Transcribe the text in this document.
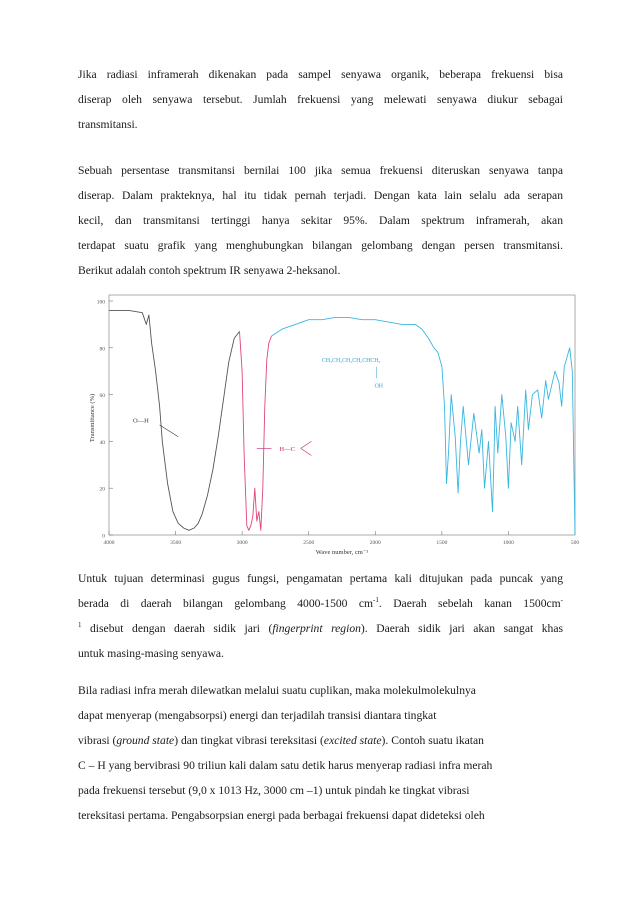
Jika radiasi inframerah dikenakan pada sampel senyawa organik, beberapa frekuensi bisa
diserap oleh senyawa tersebut. Jumlah frekuensi yang melewati senyawa diukur sebagai
transmitansi.
Sebuah persentase transmitansi bernilai 100 jika semua frekuensi diteruskan senyawa tanpa
diserap. Dalam prakteknya, hal itu tidak pernah terjadi. Dengan kata lain selalu ada serapan
kecil, dan transmitansi tertinggi hanya sekitar 95%. Dalam spektrum inframerah, akan
terdapat suatu grafik yang menghubungkan bilangan gelombang dengan persen transmitansi.
Berikut adalah contoh spektrum IR senyawa 2-heksanol.
0
20
40
60
80
100
4000	3500	3000	2500	2000	1500	1000	500
Wave number, cm⁻¹
Transmittance (%)	O—H
H—C
CH₃CH₂CH₂CH₂CHCH₃
OH
Untuk tujuan determinasi gugus fungsi, pengamatan pertama kali ditujukan pada puncak yang
berada di daerah bilangan gelombang 4000-1500 $cm^{-1}$. Daerah sebelah kanan 1500cm-
$^1$ disebut dengan daerah sidik jari (fingerprint region). Daerah sidik jari akan sangat khas
untuk masing-masing senyawa.
Bila radiasi infra merah dilewatkan melalui suatu cuplikan, maka molekulmolekulnya
dapat menyerap (mengabsorpsi) energi dan terjadilah transisi diantara tingkat
vibrasi (ground state) dan tingkat vibrasi tereksitasi (excited state). Contoh suatu ikatan
C – H yang bervibrasi 90 triliun kali dalam satu detik harus menyerap radiasi infra merah
pada frekuensi tersebut (9,0 x 1013 Hz, 3000 cm –1) untuk pindah ke tingkat vibrasi
tereksitasi pertama. Pengabsorpsian energi pada berbagai frekuensi dapat dideteksi oleh
